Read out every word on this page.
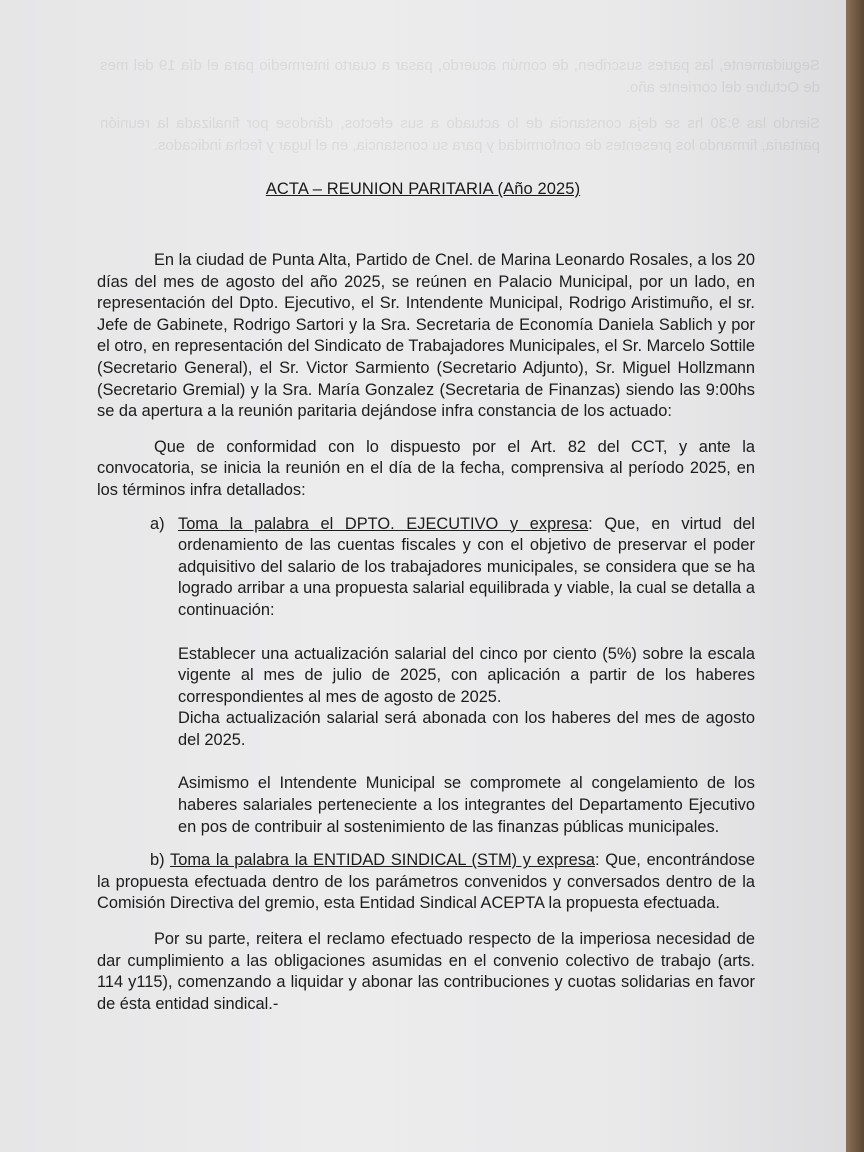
Seguidamente, las partes suscriben, de común acuerdo, pasar a cuarto intermedio para el día 19 del mes de Octubre del corriente año.

Siendo las 9:30 hs se deja constancia de lo actuado a sus efectos, dándose por finalizada la reunión paritaria, firmando los presentes de conformidad y para su constancia, en el lugar y fecha indicados.

ACTA – REUNION PARITARIA (Año 2025)

En la ciudad de Punta Alta, Partido de Cnel. de Marina Leonardo Rosales, a los 20 días del mes de agosto del año 2025, se reúnen en Palacio Municipal, por un lado, en representación del Dpto. Ejecutivo, el Sr. Intendente Municipal, Rodrigo Aristimuño, el sr. Jefe de Gabinete, Rodrigo Sartori y la Sra. Secretaria de Economía Daniela Sablich y por el otro, en representación del Sindicato de Trabajadores Municipales, el Sr. Marcelo Sottile (Secretario General), el Sr. Victor Sarmiento (Secretario Adjunto), Sr. Miguel Hollzmann (Secretario Gremial) y la Sra. María Gonzalez (Secretaria de Finanzas) siendo las 9:00hs se da apertura a la reunión paritaria dejándose infra constancia de los actuado:

Que de conformidad con lo dispuesto por el Art. 82 del CCT, y ante la convocatoria, se inicia la reunión en el día de la fecha, comprensiva al período 2025, en los términos infra detallados:

a) Toma la palabra el DPTO. EJECUTIVO y expresa: Que, en virtud del ordenamiento de las cuentas fiscales y con el objetivo de preservar el poder adquisitivo del salario de los trabajadores municipales, se considera que se ha logrado arribar a una propuesta salarial equilibrada y viable, la cual se detalla a continuación:

Establecer una actualización salarial del cinco por ciento (5%) sobre la escala vigente al mes de julio de 2025, con aplicación a partir de los haberes correspondientes al mes de agosto de 2025.

Dicha actualización salarial será abonada con los haberes del mes de agosto del 2025.

Asimismo el Intendente Municipal se compromete al congelamiento de los haberes salariales perteneciente a los integrantes del Departamento Ejecutivo en pos de contribuir al sostenimiento de las finanzas públicas municipales.

b) Toma la palabra la ENTIDAD SINDICAL (STM) y expresa: Que, encontrándose la propuesta efectuada dentro de los parámetros convenidos y conversados dentro de la Comisión Directiva del gremio, esta Entidad Sindical ACEPTA la propuesta efectuada.

Por su parte, reitera el reclamo efectuado respecto de la imperiosa necesidad de dar cumplimiento a las obligaciones asumidas en el convenio colectivo de trabajo (arts. 114 y115), comenzando a liquidar y abonar las contribuciones y cuotas solidarias en favor de ésta entidad sindical.-
